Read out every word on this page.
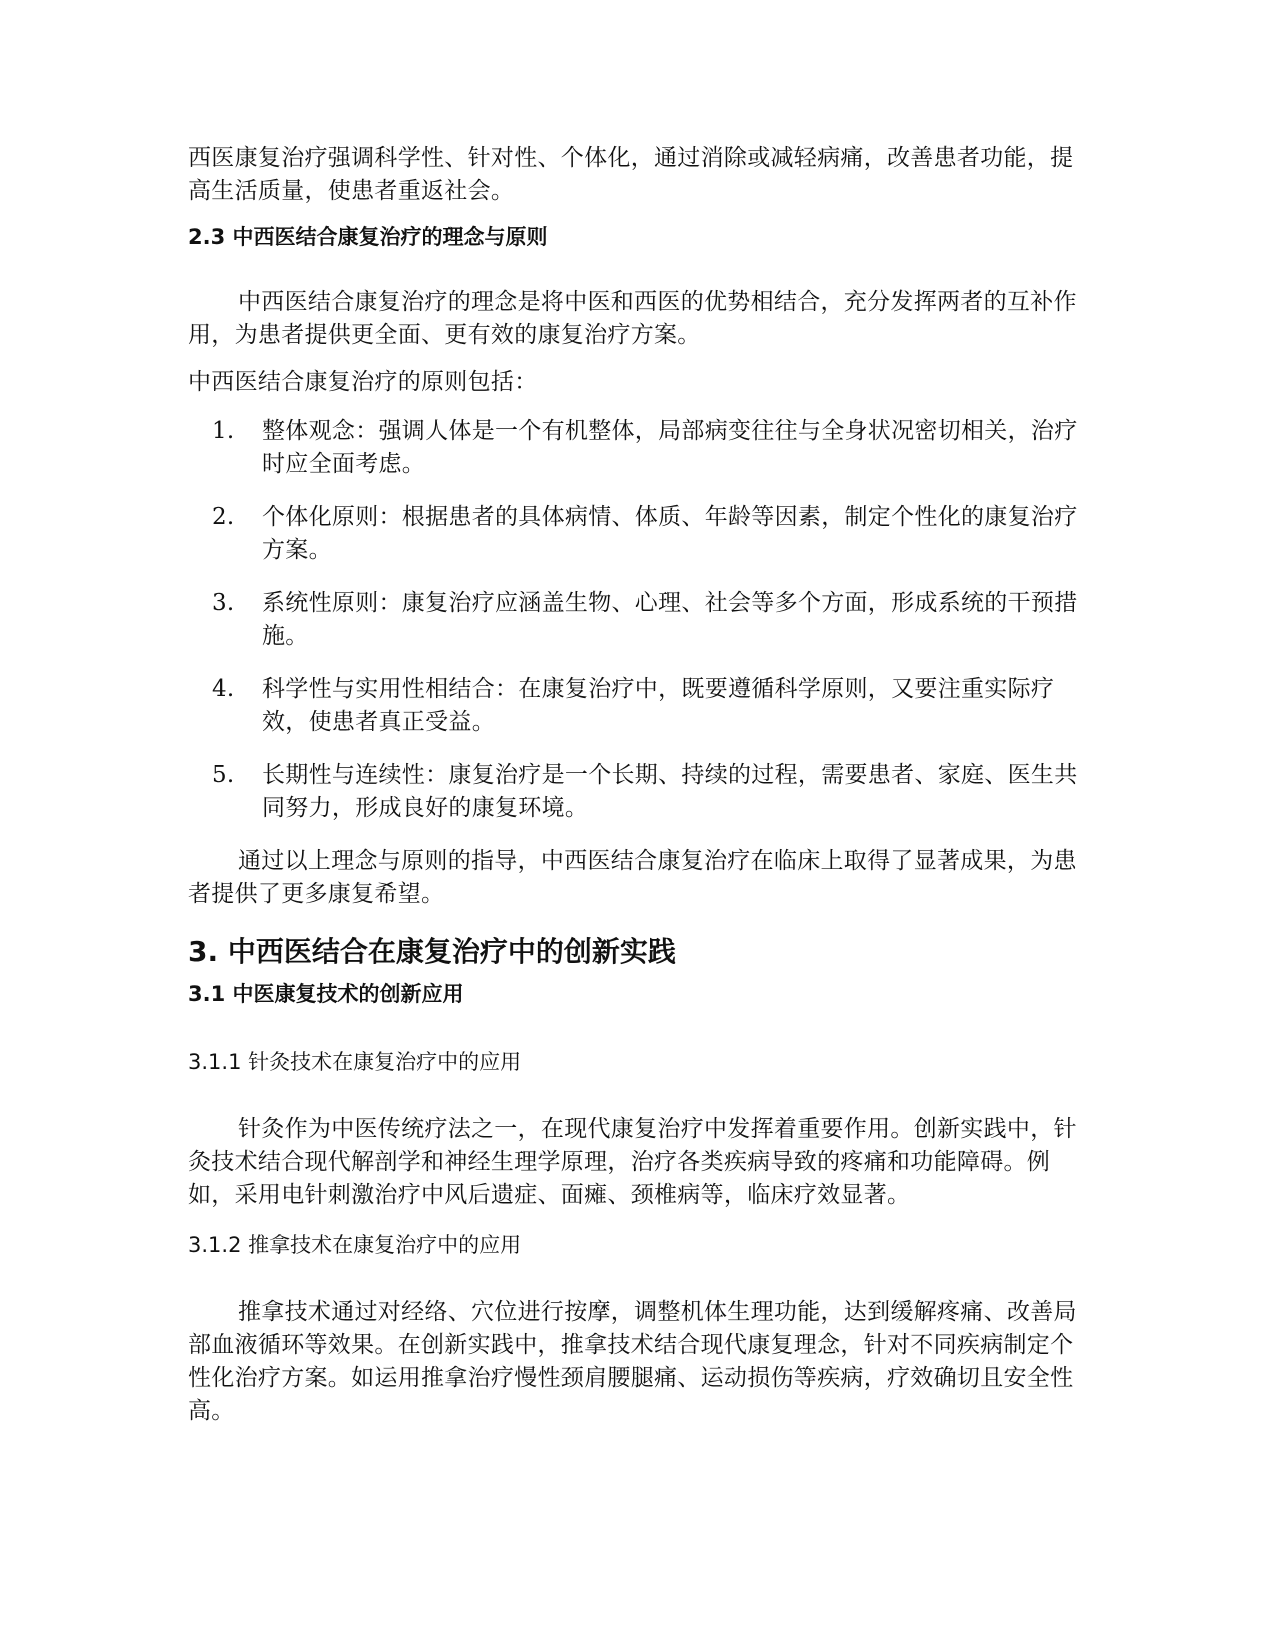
西医康复治疗强调科学性、针对性、个体化，通过消除或减轻病痛，改善患者功能，提高生活质量，使患者重返社会。

2.3 中西医结合康复治疗的理念与原则

中西医结合康复治疗的理念是将中医和西医的优势相结合，充分发挥两者的互补作用，为患者提供更全面、更有效的康复治疗方案。

中西医结合康复治疗的原则包括：

1. 整体观念：强调人体是一个有机整体，局部病变往往与全身状况密切相关，治疗时应全面考虑。
2. 个体化原则：根据患者的具体病情、体质、年龄等因素，制定个性化的康复治疗方案。
3. 系统性原则：康复治疗应涵盖生物、心理、社会等多个方面，形成系统的干预措施。
4. 科学性与实用性相结合：在康复治疗中，既要遵循科学原则，又要注重实际疗效，使患者真正受益。
5. 长期性与连续性：康复治疗是一个长期、持续的过程，需要患者、家庭、医生共同努力，形成良好的康复环境。

通过以上理念与原则的指导，中西医结合康复治疗在临床上取得了显著成果，为患者提供了更多康复希望。

3. 中西医结合在康复治疗中的创新实践
3.1 中医康复技术的创新应用
3.1.1 针灸技术在康复治疗中的应用

针灸作为中医传统疗法之一，在现代康复治疗中发挥着重要作用。创新实践中，针灸技术结合现代解剖学和神经生理学原理，治疗各类疾病导致的疼痛和功能障碍。例如，采用电针刺激治疗中风后遗症、面瘫、颈椎病等，临床疗效显著。

3.1.2 推拿技术在康复治疗中的应用

推拿技术通过对经络、穴位进行按摩，调整机体生理功能，达到缓解疼痛、改善局部血液循环等效果。在创新实践中，推拿技术结合现代康复理念，针对不同疾病制定个性化治疗方案。如运用推拿治疗慢性颈肩腰腿痛、运动损伤等疾病，疗效确切且安全性高。
